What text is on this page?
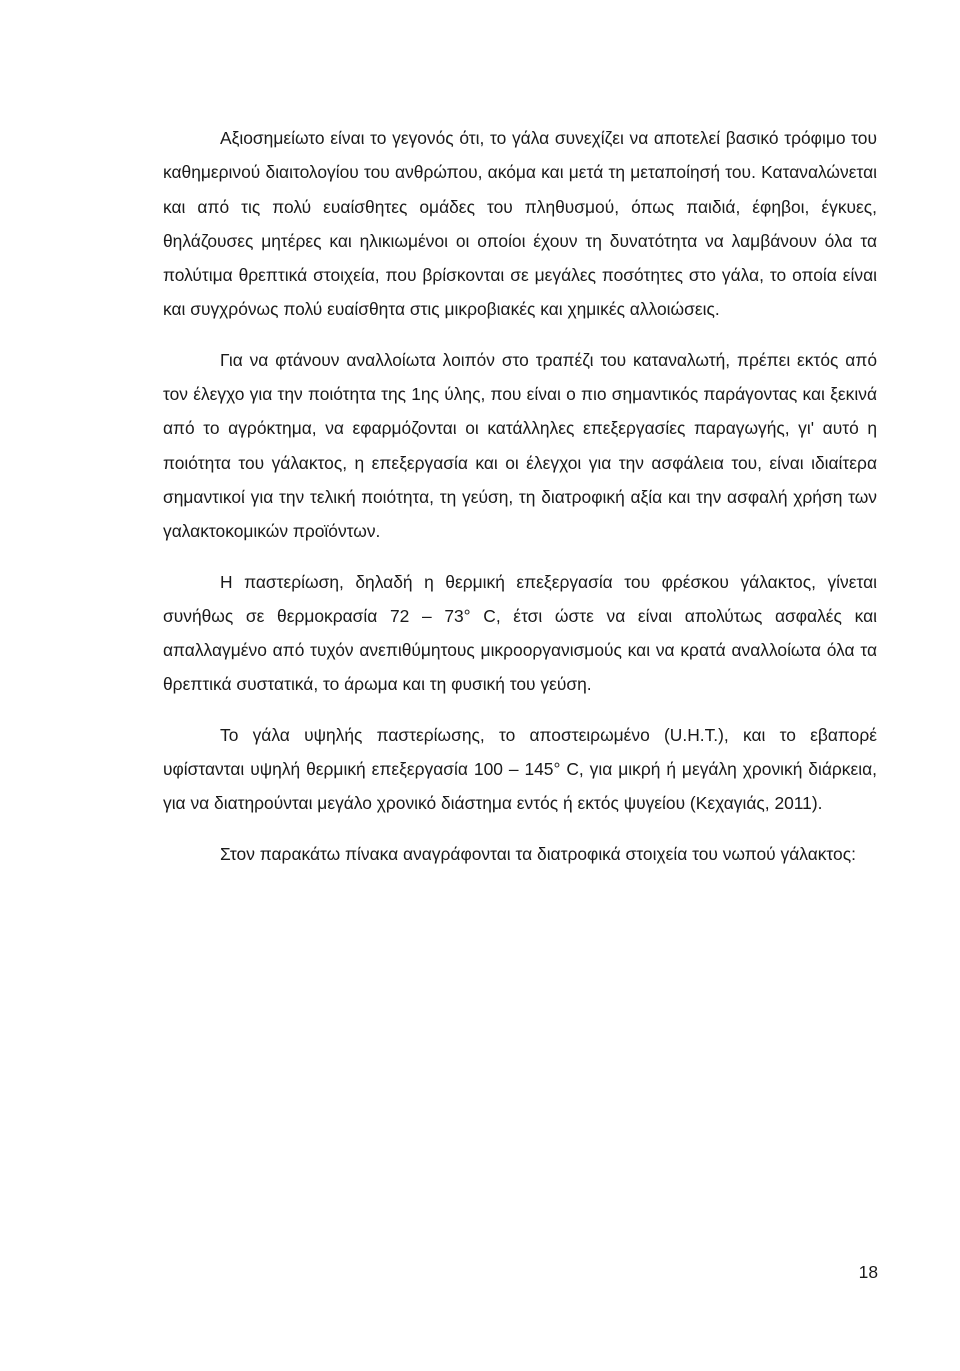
Αξιοσημείωτο είναι το γεγονός ότι, το γάλα συνεχίζει να αποτελεί βασικό τρόφιμο του καθημερινού διαιτολογίου του ανθρώπου, ακόμα και μετά τη μεταποίησή του. Καταναλώνεται και από τις πολύ ευαίσθητες ομάδες του πληθυσμού, όπως παιδιά, έφηβοι, έγκυες, θηλάζουσες μητέρες και ηλικιωμένοι οι οποίοι έχουν τη δυνατότητα να λαμβάνουν όλα τα πολύτιμα θρεπτικά στοιχεία, που βρίσκονται σε μεγάλες ποσότητες στο γάλα, το οποία είναι και συγχρόνως πολύ ευαίσθητα στις μικροβιακές και χημικές αλλοιώσεις.

Για να φτάνουν αναλλοίωτα λοιπόν στο τραπέζι του καταναλωτή, πρέπει εκτός από τον έλεγχο για την ποιότητα της 1ης ύλης, που είναι ο πιο σημαντικός παράγοντας και ξεκινά από το αγρόκτημα, να εφαρμόζονται οι κατάλληλες επεξεργασίες παραγωγής, γι' αυτό η ποιότητα του γάλακτος, η επεξεργασία και οι έλεγχοι για την ασφάλεια του, είναι ιδιαίτερα σημαντικοί για την τελική ποιότητα, τη γεύση, τη διατροφική αξία και την ασφαλή χρήση των γαλακτοκομικών προϊόντων.

Η παστερίωση, δηλαδή η θερμική επεξεργασία του φρέσκου γάλακτος, γίνεται συνήθως σε θερμοκρασία 72 – 73° C, έτσι ώστε να είναι απολύτως ασφαλές και απαλλαγμένο από τυχόν ανεπιθύμητους μικροοργανισμούς και να κρατά αναλλοίωτα όλα τα θρεπτικά συστατικά, το άρωμα και τη φυσική του γεύση.

Το γάλα υψηλής παστερίωσης, το αποστειρωμένο (U.H.T.), και το εβαπορέ υφίστανται υψηλή θερμική επεξεργασία 100 – 145° C, για μικρή ή μεγάλη χρονική διάρκεια, για να διατηρούνται μεγάλο χρονικό διάστημα εντός ή εκτός ψυγείου (Κεχαγιάς, 2011).

Στον παρακάτω πίνακα αναγράφονται τα διατροφικά στοιχεία του νωπού γάλακτος:

18
